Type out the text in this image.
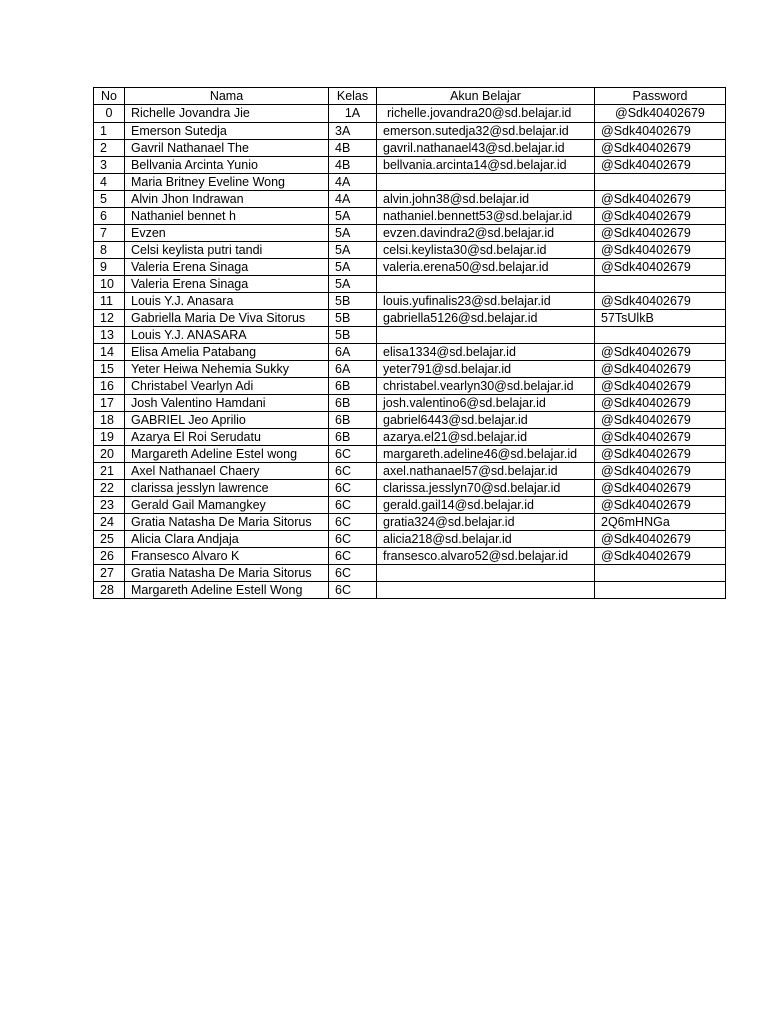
No	Nama	Kelas	Akun Belajar	Password
0	Richelle Jovandra Jie	1A	richelle.jovandra20@sd.belajar.id	@Sdk40402679
1	Emerson Sutedja	3A	emerson.sutedja32@sd.belajar.id	@Sdk40402679
2	Gavril Nathanael The	4B	gavril.nathanael43@sd.belajar.id	@Sdk40402679
3	Bellvania Arcinta Yunio	4B	bellvania.arcinta14@sd.belajar.id	@Sdk40402679
4	Maria Britney Eveline Wong	4A		
5	Alvin Jhon Indrawan	4A	alvin.john38@sd.belajar.id	@Sdk40402679
6	Nathaniel bennet h	5A	nathaniel.bennett53@sd.belajar.id	@Sdk40402679
7	Evzen	5A	evzen.davindra2@sd.belajar.id	@Sdk40402679
8	Celsi keylista putri tandi	5A	celsi.keylista30@sd.belajar.id	@Sdk40402679
9	Valeria Erena Sinaga	5A	valeria.erena50@sd.belajar.id	@Sdk40402679
10	Valeria Erena Sinaga	5A		
11	Louis Y.J. Anasara	5B	louis.yufinalis23@sd.belajar.id	@Sdk40402679
12	Gabriella Maria De Viva Sitorus	5B	gabriella5126@sd.belajar.id	57TsUlkB
13	Louis Y.J. ANASARA	5B		
14	Elisa Amelia Patabang	6A	elisa1334@sd.belajar.id	@Sdk40402679
15	Yeter Heiwa Nehemia Sukky	6A	yeter791@sd.belajar.id	@Sdk40402679
16	Christabel Vearlyn Adi	6B	christabel.vearlyn30@sd.belajar.id	@Sdk40402679
17	Josh Valentino Hamdani	6B	josh.valentino6@sd.belajar.id	@Sdk40402679
18	GABRIEL Jeo Aprilio	6B	gabriel6443@sd.belajar.id	@Sdk40402679
19	Azarya El Roi Serudatu	6B	azarya.el21@sd.belajar.id	@Sdk40402679
20	Margareth Adeline Estel wong	6C	margareth.adeline46@sd.belajar.id	@Sdk40402679
21	Axel Nathanael Chaery	6C	axel.nathanael57@sd.belajar.id	@Sdk40402679
22	clarissa jesslyn lawrence	6C	clarissa.jesslyn70@sd.belajar.id	@Sdk40402679
23	Gerald Gail Mamangkey	6C	gerald.gail14@sd.belajar.id	@Sdk40402679
24	Gratia Natasha De Maria Sitorus	6C	gratia324@sd.belajar.id	2Q6mHNGa
25	Alicia Clara Andjaja	6C	alicia218@sd.belajar.id	@Sdk40402679
26	Fransesco Alvaro K	6C	fransesco.alvaro52@sd.belajar.id	@Sdk40402679
27	Gratia Natasha De Maria Sitorus	6C		
28	Margareth Adeline Estell Wong	6C		
